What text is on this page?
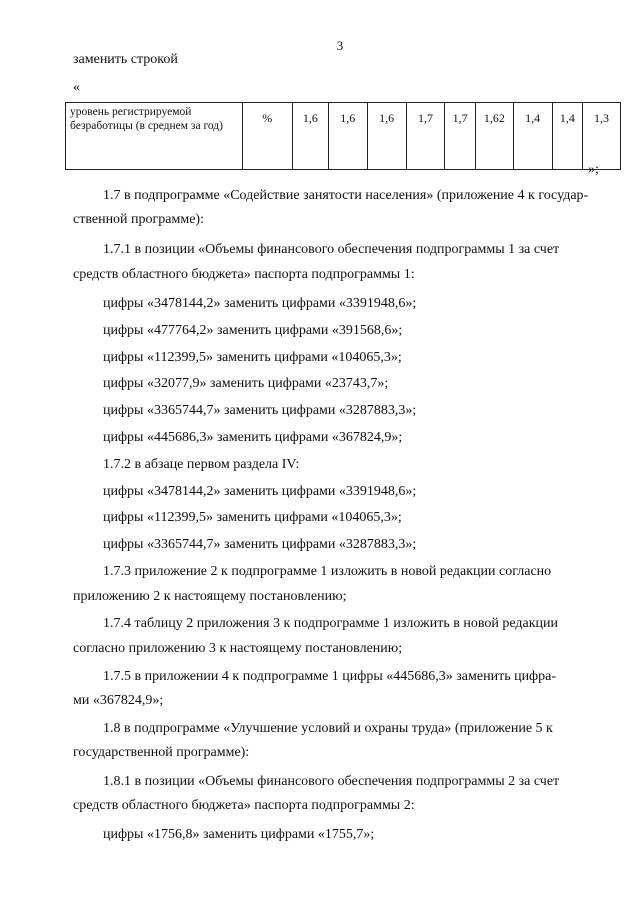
3
заменить строкой
«
уровень регистрируемой безработицы (в среднем за год)	%	1,6	1,6	1,6	1,7	1,7	1,62	1,4	1,4	1,3
»;
1.7 в подпрограмме «Содействие занятости населения» (приложение 4 к государ-
ственной программе):
1.7.1 в позиции «Объемы финансового обеспечения подпрограммы 1 за счет
средств областного бюджета» паспорта подпрограммы 1:
цифры «3478144,2» заменить цифрами «3391948,6»;
цифры «477764,2» заменить цифрами «391568,6»;
цифры «112399,5» заменить цифрами «104065,3»;
цифры «32077,9» заменить цифрами «23743,7»;
цифры «3365744,7» заменить цифрами «3287883,3»;
цифры «445686,3» заменить цифрами «367824,9»;
1.7.2 в абзаце первом раздела IV:
цифры «3478144,2» заменить цифрами «3391948,6»;
цифры «112399,5» заменить цифрами «104065,3»;
цифры «3365744,7» заменить цифрами «3287883,3»;
1.7.3 приложение 2 к подпрограмме 1 изложить в новой редакции согласно
приложению 2 к настоящему постановлению;
1.7.4 таблицу 2 приложения 3 к подпрограмме 1 изложить в новой редакции
согласно приложению 3 к настоящему постановлению;
1.7.5 в приложении 4 к подпрограмме 1 цифры «445686,3» заменить цифра-
ми «367824,9»;
1.8 в подпрограмме «Улучшение условий и охраны труда» (приложение 5 к
государственной программе):
1.8.1 в позиции «Объемы финансового обеспечения подпрограммы 2 за счет
средств областного бюджета» паспорта подпрограммы 2:
цифры «1756,8» заменить цифрами «1755,7»;
